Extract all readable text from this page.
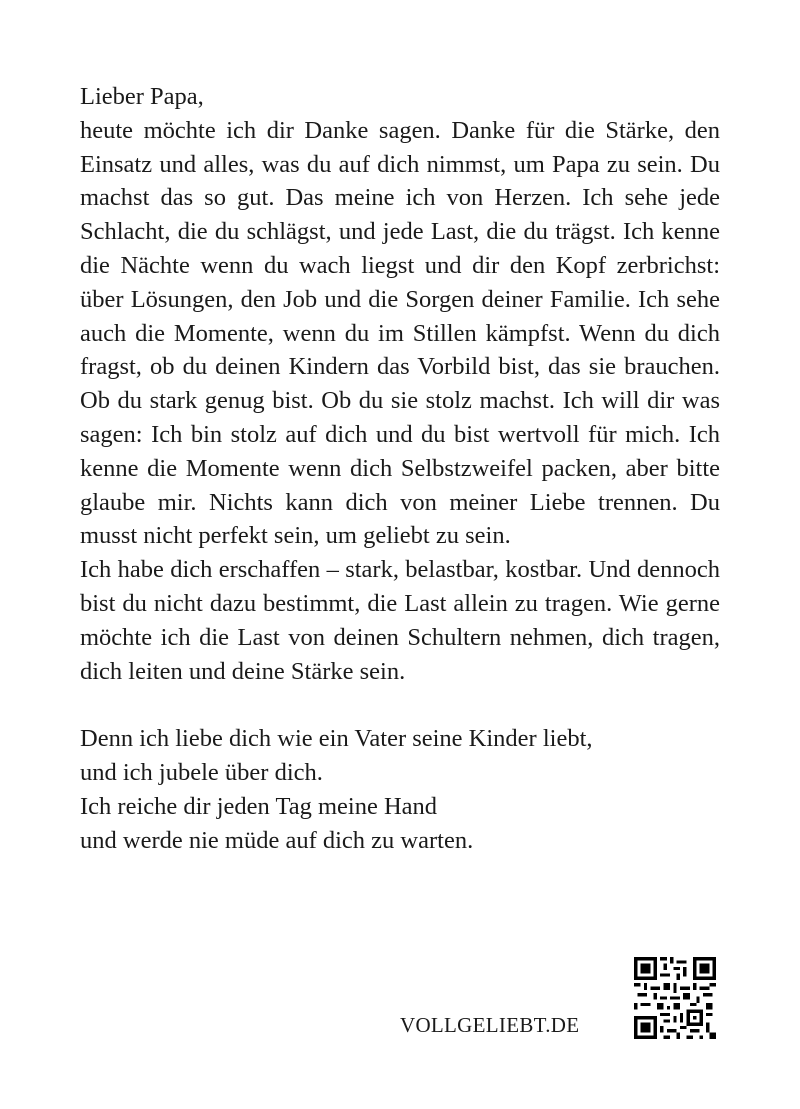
Lieber Papa,

heute möchte ich dir Danke sagen. Danke für die Stärke, den Einsatz und alles, was du auf dich nimmst, um Papa zu sein. Du machst das so gut. Das meine ich von Herzen. Ich sehe jede Schlacht, die du schlägst, und jede Last, die du trägst. Ich kenne die Nächte wenn du wach liegst und dir den Kopf zerbrichst: über Lösungen, den Job und die Sorgen deiner Familie. Ich sehe auch die Momente, wenn du im Stillen kämpfst. Wenn du dich fragst, ob du deinen Kindern das Vorbild bist, das sie brauchen. Ob du stark genug bist. Ob du sie stolz machst. Ich will dir was sagen: Ich bin stolz auf dich und du bist wertvoll für mich. Ich kenne die Momente wenn dich Selbstzweifel packen, aber bitte glaube mir. Nichts kann dich von meiner Liebe trennen. Du musst nicht perfekt sein, um geliebt zu sein.

Ich habe dich erschaffen – stark, belastbar, kostbar. Und dennoch bist du nicht dazu bestimmt, die Last allein zu tragen. Wie gerne möchte ich die Last von deinen Schultern nehmen, dich tragen, dich leiten und deine Stärke sein.

Denn ich liebe dich wie ein Vater seine Kinder liebt,
und ich jubele über dich.
Ich reiche dir jeden Tag meine Hand
und werde nie müde auf dich zu warten.
VOLLGELIEBT.DE
